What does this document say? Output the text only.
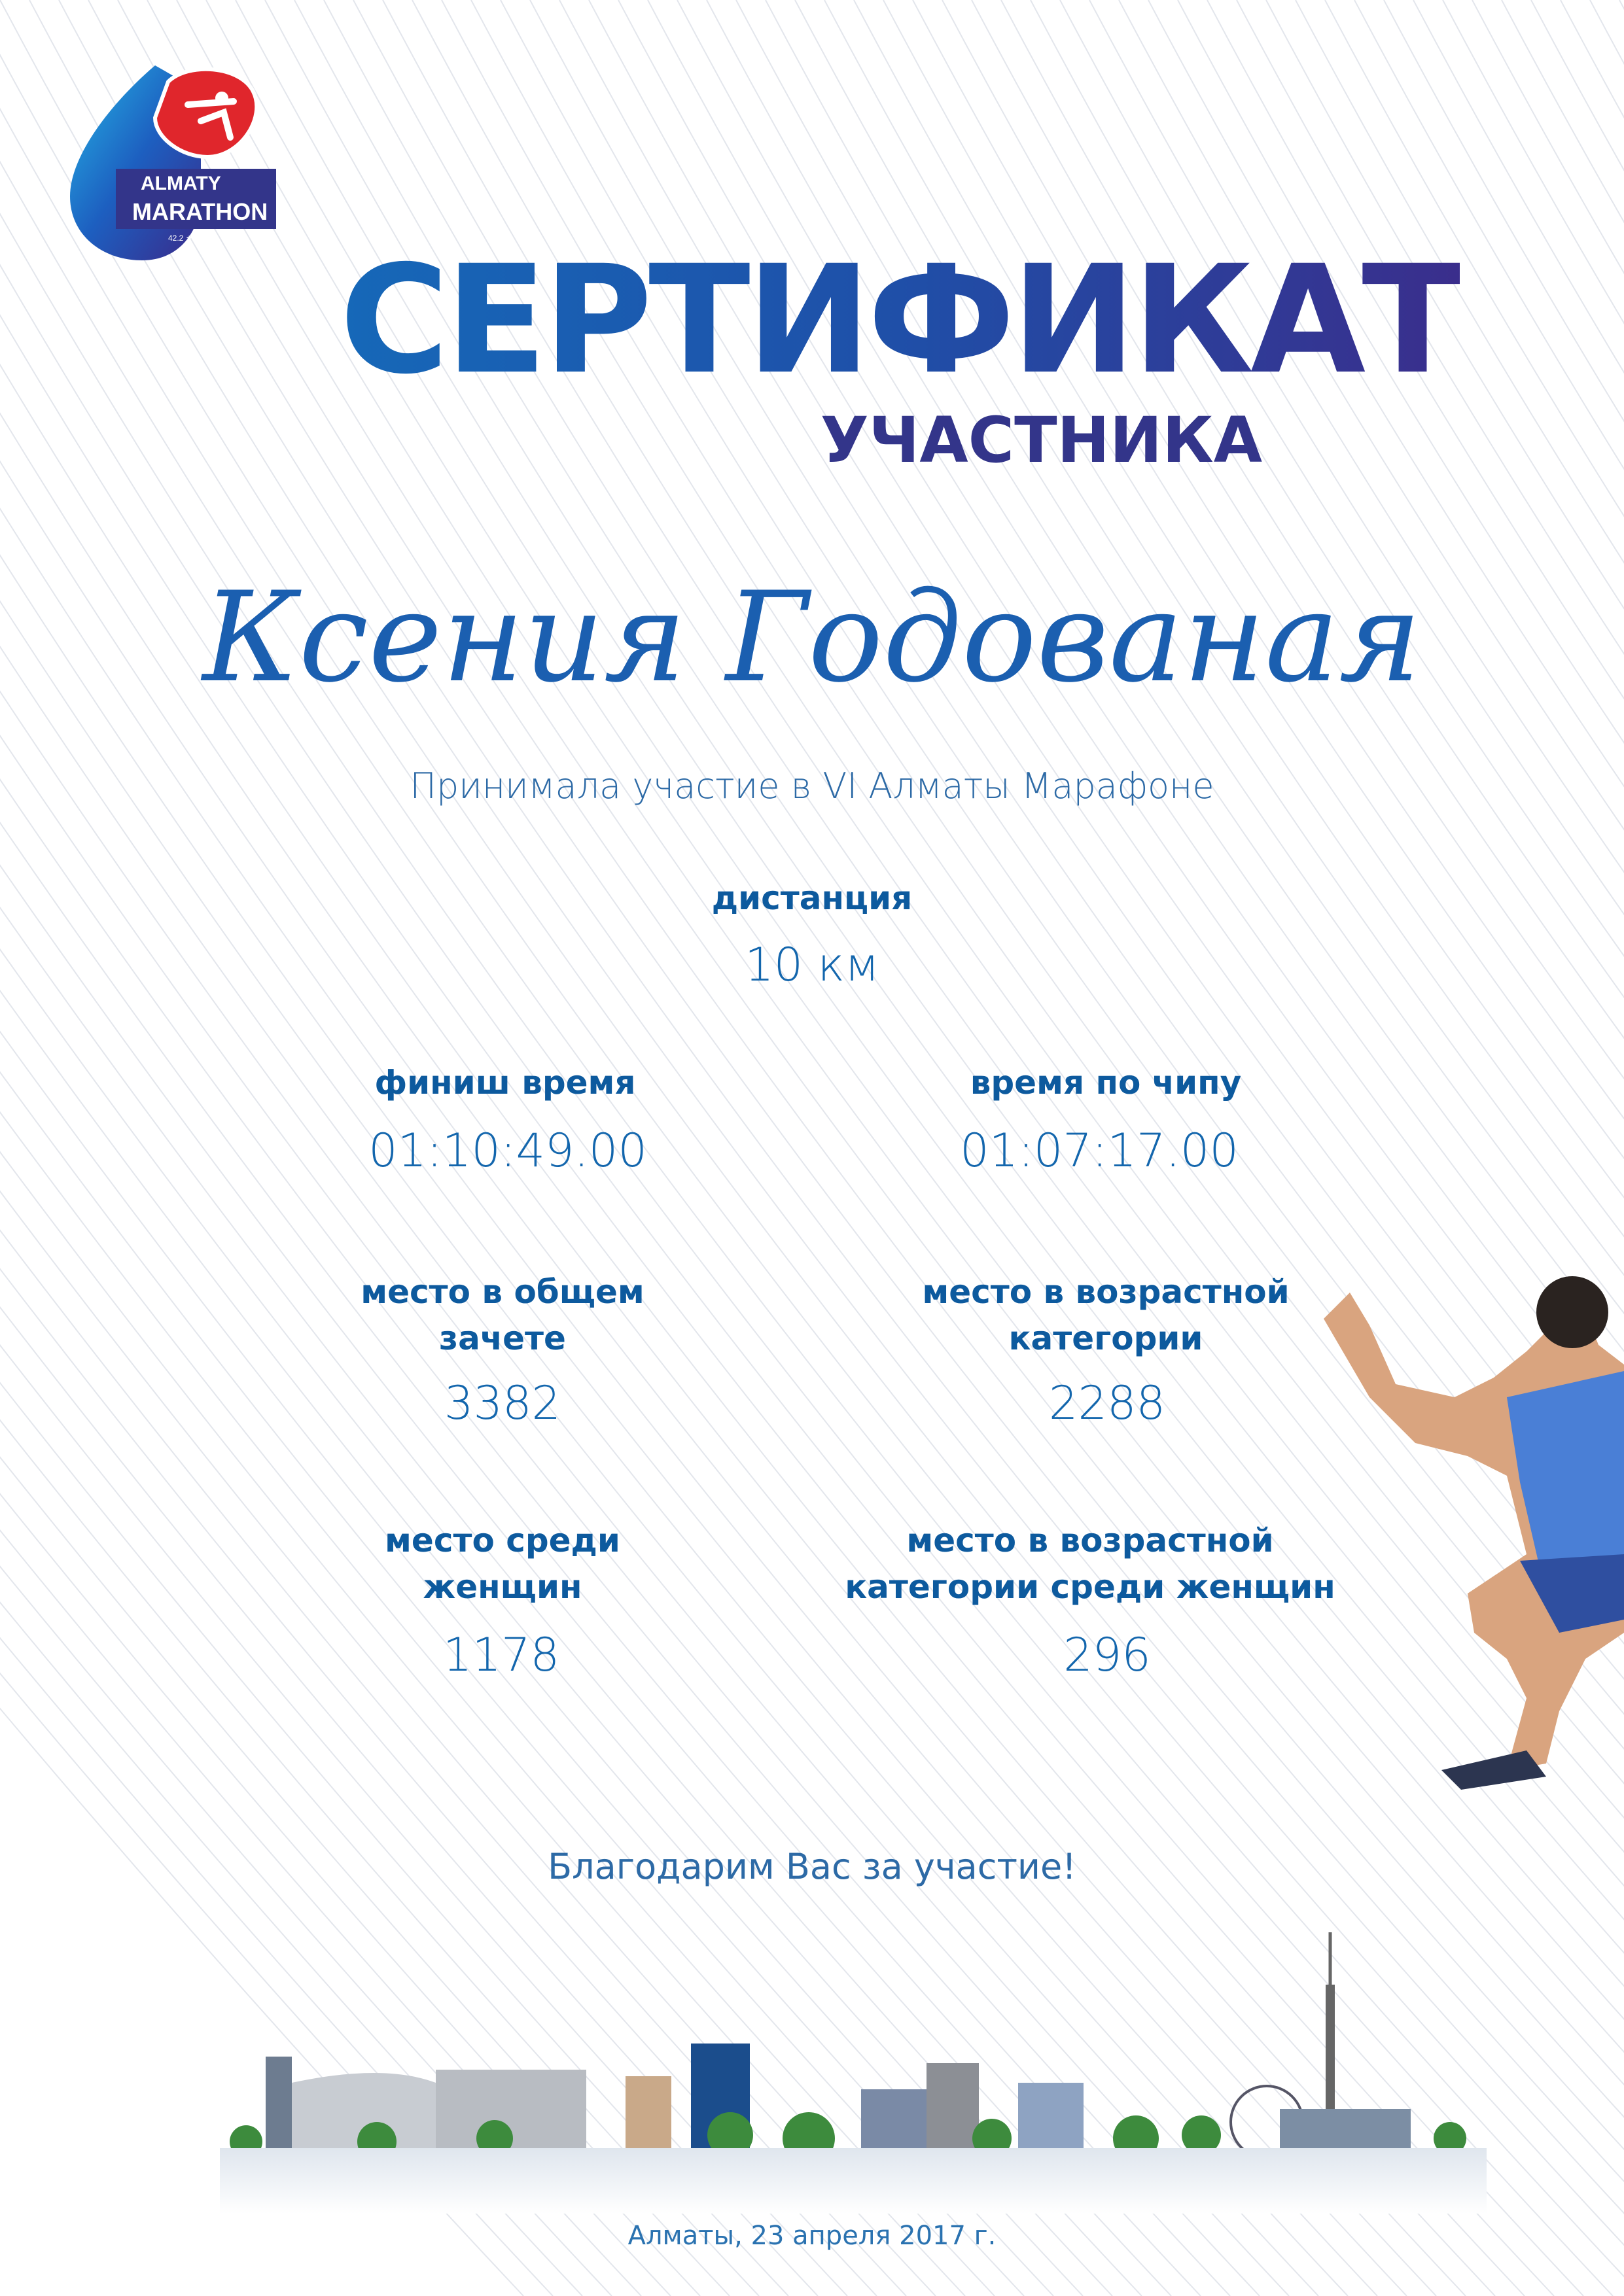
ALMATY
MARATHON
42.2 ★ 21.1 ★ 10 ★ 3 СЕРТИФИКАТ
УЧАСТНИКА
Ксения Годованая
Принимала участие в VI Алматы Марафоне
дистанция
10 км
финиш время
01:10:49.00
время по чипу
01:07:17.00
место в общем
зачете
3382
место в возрастной
категории
2288
место среди
женщин
1178
место в возрастной
категории среди женщин
296
Благодарим Вас за участие!
Алматы, 23 апреля 2017 г.
